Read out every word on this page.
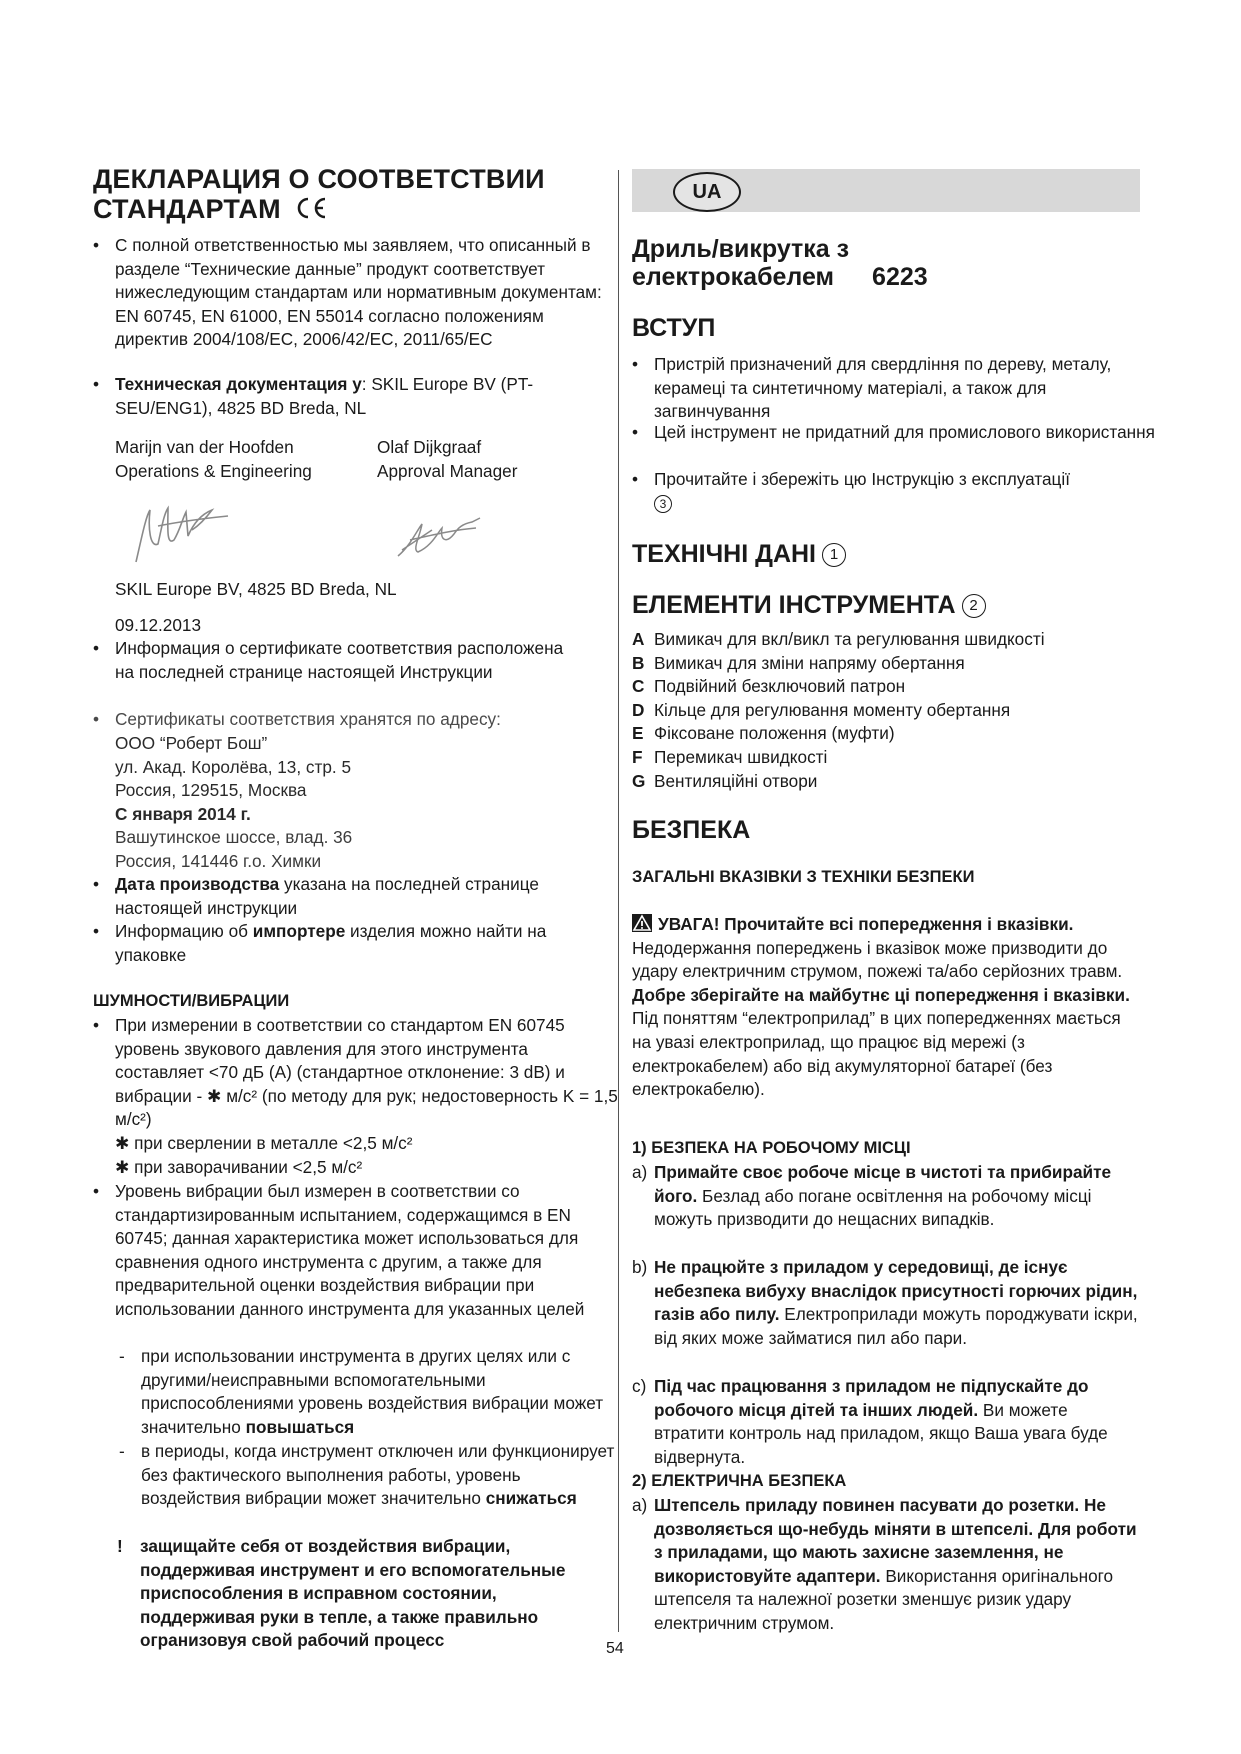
ДЕКЛАРАЦИЯ О СООТВЕТСТВИИ
СТАНДАРТАМ
• С полной ответственностью мы заявляем, что описанный в разделе “Технические данные” продукт соответствует нижеследующим стандартам или нормативным документам: EN 60745, EN 61000, EN 55014 согласно положениям директив 2004/108/EC, 2006/42/EC, 2011/65/EC
• Техническая документация у: SKIL Europe BV (PT-SEU/ENG1), 4825 BD Breda, NL
Marijn van der Hoofden
Operations & Engineering
Olaf Dijkgraaf
Approval Manager
SKIL Europe BV, 4825 BD Breda, NL
09.12.2013
• Информация о сертификате соответствия расположена на последней странице настоящей Инструкции
• Сертификаты соответствия хранятся по адресу:
ООО “Роберт Бош”
ул. Акад. Королёва, 13, стр. 5
Россия, 129515, Москва
С января 2014 г.
Вашутинское шоссе, влад. 36
Россия, 141446 г.о. Химки
• Дата производства указана на последней странице настоящей инструкции
• Информацию об импортере изделия можно найти на упаковке
ШУМНОСТИ/ВИБРАЦИИ
• При измерении в соответствии со стандартом EN 60745 уровень звукового давления для этого инструмента составляет <70 дБ (A) (стандартное отклонение: 3 dB) и вибрации - ✱ м/с² (по методу для рук; недостоверность K = 1,5 м/с²)
✱ при сверлении в металле <2,5 м/с²
✱ при заворачивании <2,5 м/с²
• Уровень вибрации был измерен в соответствии со стандартизированным испытанием, содержащимся в EN 60745; данная характеристика может использоваться для сравнения одного инструмента с другим, а также для предварительной оценки воздействия вибрации при использовании данного инструмента для указанных целей
- при использовании инструмента в других целях или с другими/неисправными вспомогательными приспособлениями уровень воздействия вибрации может значительно повышаться
- в периоды, когда инструмент отключен или функционирует без фактического выполнения работы, уровень воздействия вибрации может значительно снижаться
! защищайте себя от воздействия вибрации, поддерживая инструмент и его вспомогательные приспособления в исправном состоянии, поддерживая руки в тепле, а также правильно огранизовуя свой рабочий процесс
UA
Дриль/викрутка з
електрокабелем 6223
ВСТУП
• Пристрій призначений для свердління по дереву, металу, керамеці та синтетичному матеріалі, а також для загвинчування
• Цей інструмент не придатний для промислового використання
• Прочитайте і збережіть цю Інструкцію з експлуатації
3
ТЕХНІЧНІ ДАНІ 1
ЕЛЕМЕНТИ ІНСТРУМЕНТА 2
A Вимикач для вкл/викл та регулювання швидкості
B Вимикач для зміни напряму обертання
C Подвійний безключовий патрон
D Кільце для регулювання моменту обертання
E Фіксоване положення (муфти)
F Перемикач швидкості
G Вентиляційні отвори
БЕЗПЕКА
ЗАГАЛЬНІ ВКАЗІВКИ З ТЕХНІКИ БЕЗПЕКИ
УВАГА! Прочитайте всі попередження і вказівки. Недодержання попереджень і вказівок може призводити до удару електричним струмом, пожежі та/або серйозних травм. Добре зберігайте на майбутнє ці попередження і вказівки. Під поняттям “електроприлад” в цих попередженнях мається на увазі електроприлад, що працює від мережі (з електрокабелем) або від акумуляторної батареї (без електрокабелю).
1) БЕЗПЕКА НА РОБОЧОМУ МІСЦІ
a) Примайте своє робоче місце в чистоті та прибирайте його. Безлад або погане освітлення на робочому місці можуть призводити до нещасних випадків.
b) Не працюйте з приладом у середовищі, де існує небезпека вибуху внаслідок присутності горючих рідин, газів або пилу. Електроприлади можуть породжувати іскри, від яких може займатися пил або пари.
c) Під час працювання з приладом не підпускайте до робочого місця дітей та інших людей. Ви можете втратити контроль над приладом, якщо Ваша увага буде відвернута.
2) ЕЛЕКТРИЧНА БЕЗПЕКА
a) Штепсель приладу повинен пасувати до розетки. Не дозволяється що-небудь міняти в штепселі. Для роботи з приладами, що мають захисне заземлення, не використовуйте адаптери. Використання оригінального штепселя та належної розетки зменшує ризик удару електричним струмом.
54
